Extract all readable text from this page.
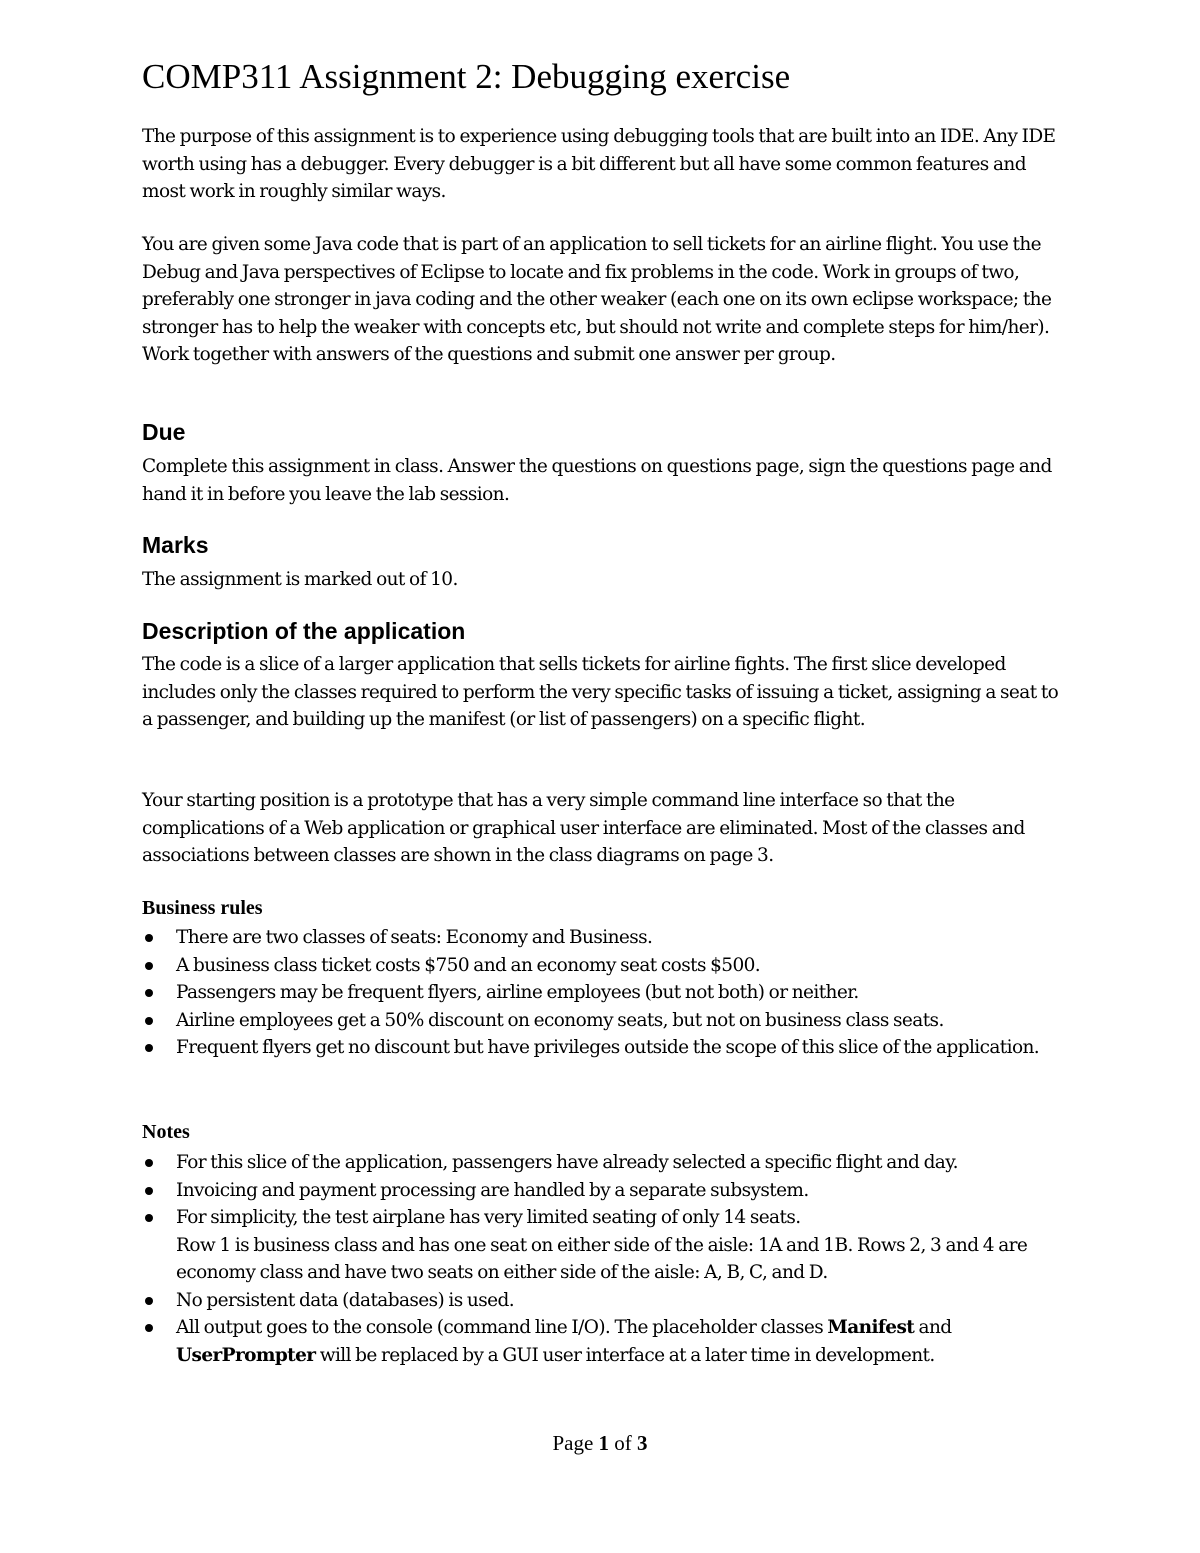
COMP311 Assignment 2: Debugging exercise
The purpose of this assignment is to experience using debugging tools that are built into an IDE. Any IDE worth using has a debugger. Every debugger is a bit different but all have some common features and most work in roughly similar ways.
You are given some Java code that is part of an application to sell tickets for an airline flight. You use the Debug and Java perspectives of Eclipse to locate and fix problems in the code. Work in groups of two, preferably one stronger in java coding and the other weaker (each one on its own eclipse workspace; the stronger has to help the weaker with concepts etc, but should not write and complete steps for him/her). Work together with answers of the questions and submit one answer per group.
Due
Complete this assignment in class. Answer the questions on questions page, sign the questions page and hand it in before you leave the lab session.
Marks
The assignment is marked out of 10.
Description of the application
The code is a slice of a larger application that sells tickets for airline fights. The first slice developed includes only the classes required to perform the very specific tasks of issuing a ticket, assigning a seat to a passenger, and building up the manifest (or list of passengers) on a specific flight.
Your starting position is a prototype that has a very simple command line interface so that the complications of a Web application or graphical user interface are eliminated. Most of the classes and associations between classes are shown in the class diagrams on page 3.
Business rules
There are two classes of seats: Economy and Business.
A business class ticket costs $750 and an economy seat costs $500.
Passengers may be frequent flyers, airline employees (but not both) or neither.
Airline employees get a 50% discount on economy seats, but not on business class seats.
Frequent flyers get no discount but have privileges outside the scope of this slice of the application.
Notes
For this slice of the application, passengers have already selected a specific flight and day.
Invoicing and payment processing are handled by a separate subsystem.
For simplicity, the test airplane has very limited seating of only 14 seats.
Row 1 is business class and has one seat on either side of the aisle: 1A and 1B. Rows 2, 3 and 4 are economy class and have two seats on either side of the aisle: A, B, C, and D.
No persistent data (databases) is used.
All output goes to the console (command line I/O). The placeholder classes Manifest and UserPrompter will be replaced by a GUI user interface at a later time in development.
Page 1 of 3
